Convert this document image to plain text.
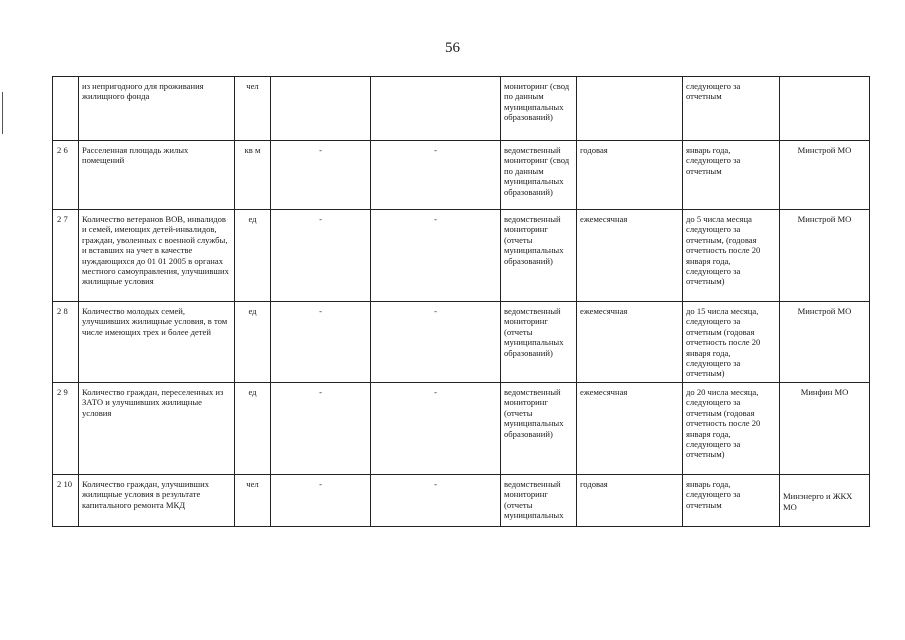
56
	из непригодного для проживания жилищного фонда	чел			мониторинг (свод по данным муниципальных образований)		следующего за отчетным	
2 6	Расселенная площадь жилых помещений	кв м	-	-	ведомственный мониторинг (свод по данным муниципальных образований)	годовая	январь года, следующего за отчетным	Минстрой МО
2 7	Количество ветеранов ВОВ, инвалидов и семей, имеющих детей-инвалидов, граждан, уволенных с военной службы, и вставших на учет в качестве нуждающихся до 01 01 2005 в органах местного самоуправления, улучшивших жилищные условия	ед	-	-	ведомственный мониторинг (отчеты муниципальных образований)	ежемесячная	до 5 числа месяца следующего за отчетным, (годовая отчетность после 20 января года, следующего за отчетным)	Минстрой МО
2 8	Количество молодых семей, улучшивших жилищные условия, в том числе имеющих трех и более детей	ед	-	-	ведомственный мониторинг (отчеты муниципальных образований)	ежемесячная	до 15 числа месяца, следующего за отчетным (годовая отчетность после 20 января года, следующего за отчетным)	Минстрой МО
2 9	Количество граждан, переселенных из ЗАТО и улучшивших жилищные условия	ед	-	-	ведомственный мониторинг (отчеты муниципальных образований)	ежемесячная	до 20 числа месяца, следующего за отчетным (годовая отчетность после 20 января года, следующего за отчетным)	Минфин МО
2 10	Количество граждан, улучшивших жилищные условия в результате капитального ремонта МКД	чел	-	-	ведомственный мониторинг (отчеты муниципальных	годовая	январь года, следующего за отчетным	Минэнерго и ЖКХ МО
